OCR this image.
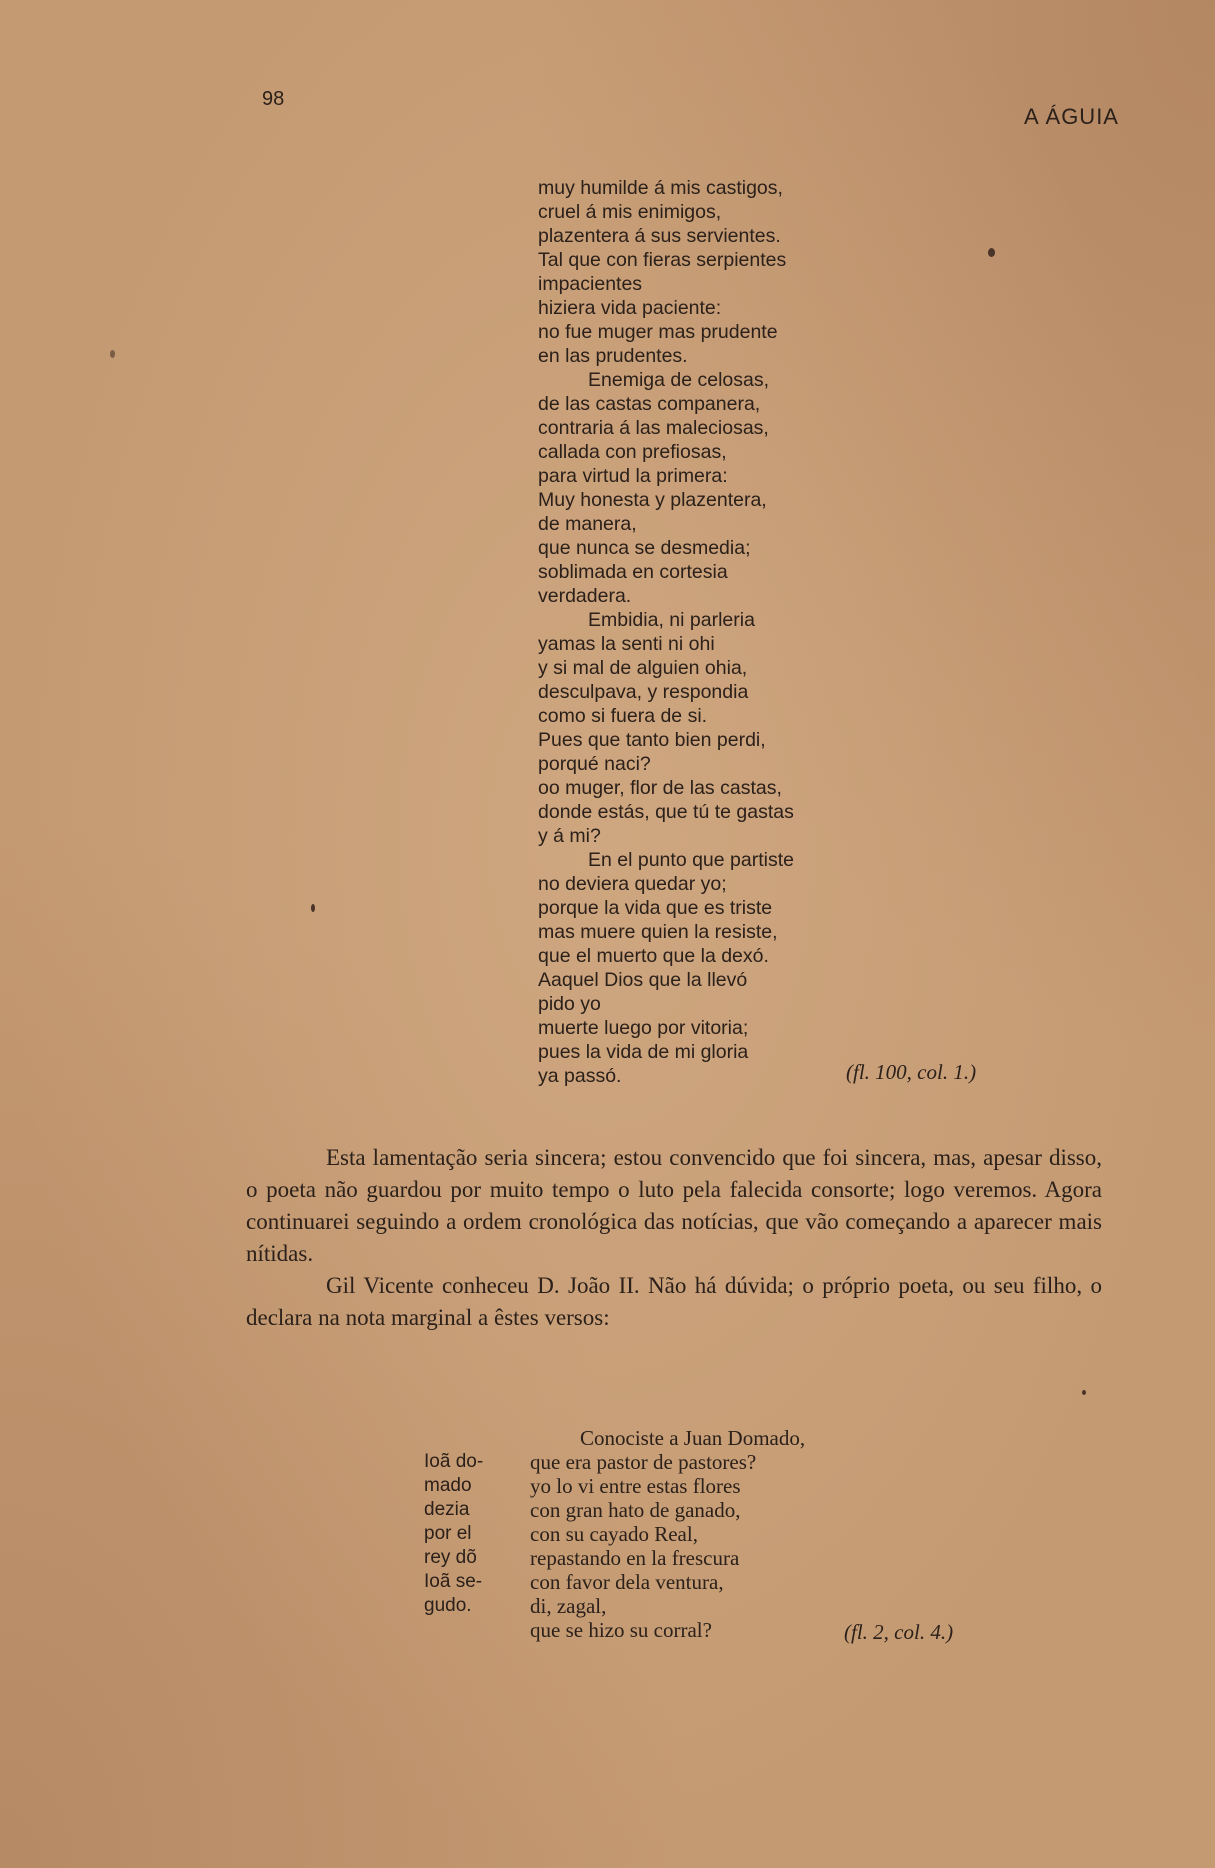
98
A ÁGUIA
muy humilde á mis castigos,
cruel á mis enimigos,
plazentera á sus servientes.
Tal que con fieras serpientes
impacientes
hiziera vida paciente:
no fue muger mas prudente
en las prudentes.
Enemiga de celosas,
de las castas companera,
contraria á las maleciosas,
callada con prefiosas,
para virtud la primera:
Muy honesta y plazentera,
de manera,
que nunca se desmedia;
soblimada en cortesia
verdadera.
Embidia, ni parleria
yamas la senti ni ohi
y si mal de alguien ohia,
desculpava, y respondia
como si fuera de si.
Pues que tanto bien perdi,
porqué naci?
oo muger, flor de las castas,
donde estás, que tú te gastas
y á mi?
En el punto que partiste
no deviera quedar yo;
porque la vida que es triste
mas muere quien la resiste,
que el muerto que la dexó.
Aaquel Dios que la llevó
pido yo
muerte luego por vitoria;
pues la vida de mi gloria
ya passó.	(fl. 100, col. 1.)

Esta lamentação seria sincera; estou convencido que foi sincera, mas, apesar disso, o poeta não guardou por muito tempo o luto pela falecida consorte; logo veremos. Agora continuarei seguindo a ordem cronológica das notícias, que vão começando a aparecer mais nítidas.

Gil Vicente conheceu D. João II. Não há dúvida; o próprio poeta, ou seu filho, o declara na nota marginal a êstes versos:

Ioã do-
mado
dezia
por el
rey dõ
Ioã se-
gudo.
Conociste a Juan Domado,
que era pastor de pastores?
yo lo vi entre estas flores
con gran hato de ganado,
con su cayado Real,
repastando en la frescura
con favor dela ventura,
di, zagal,
que se hizo su corral?	(fl. 2, col. 4.)
